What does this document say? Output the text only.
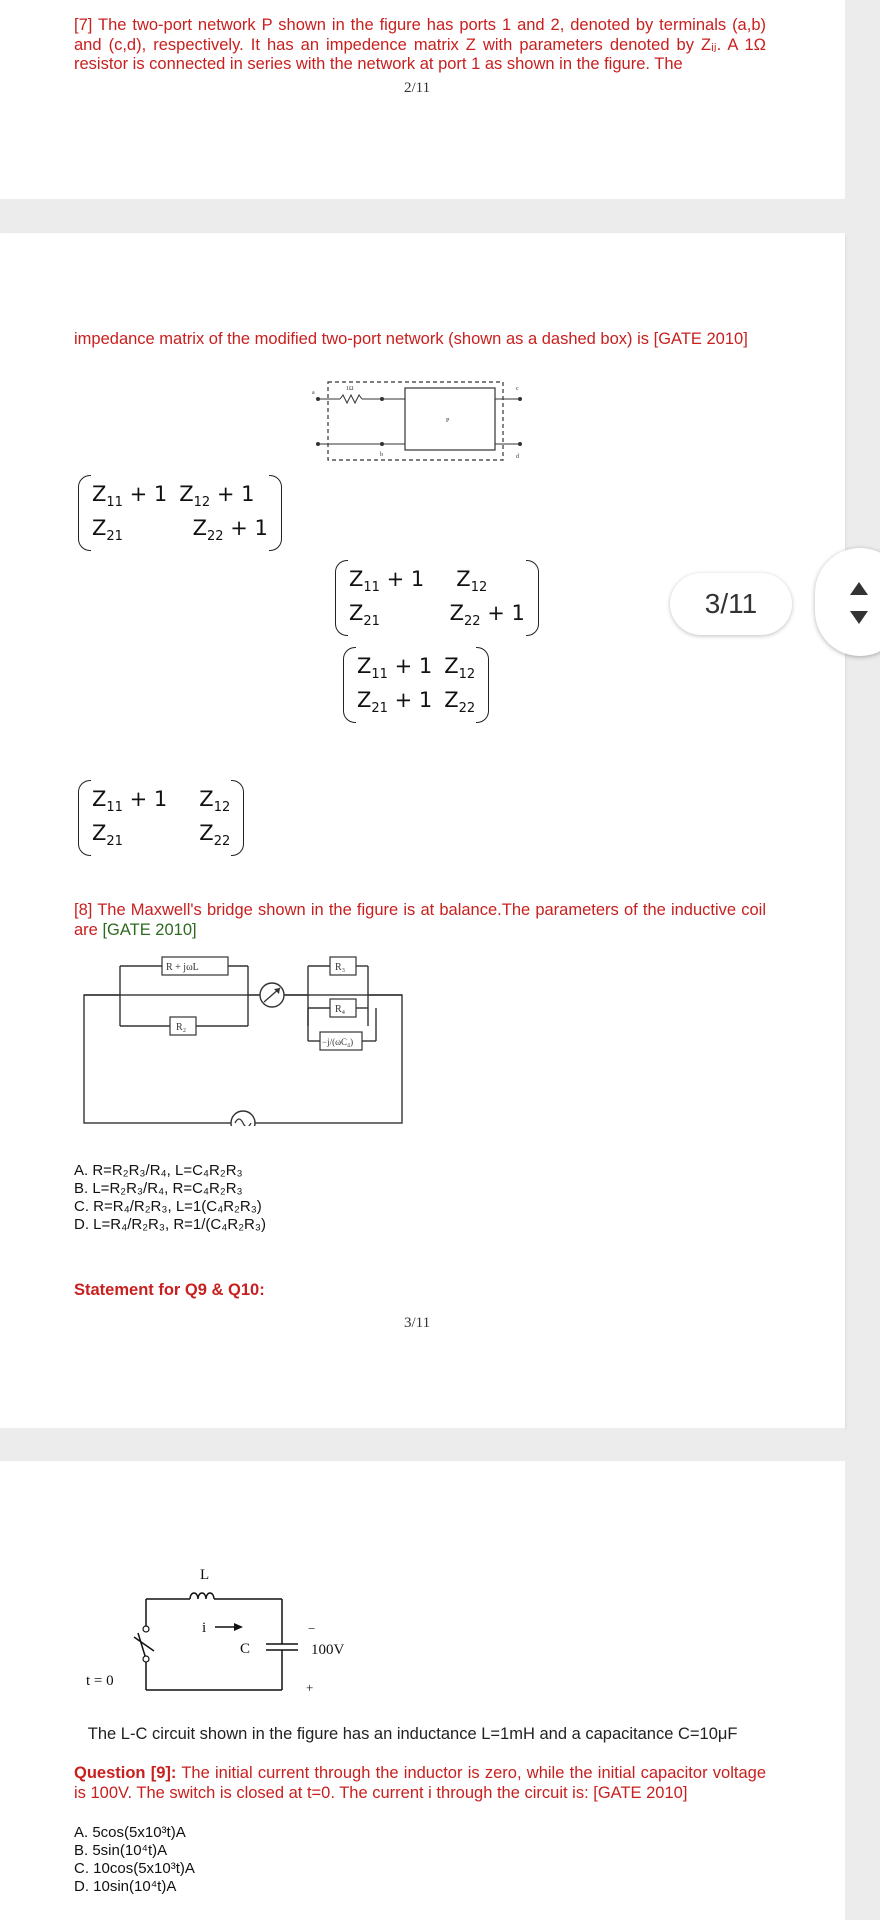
[7] The two-port network P shown in the figure has ports 1 and 2, denoted by terminals (a,b) and (c,d), respectively. It has an impedence matrix Z with parameters denoted by Zᵢⱼ. A 1Ω resistor is connected in series with the network at port 1 as shown in the figure. The

2/11

impedance matrix of the modified two-port network (shown as a dashed box) is [GATE 2010]

1Ω
a
b
c
d
P
$Z_{11} + 1$	$Z_{12} + 1$
$Z_{21}$	$Z_{22} + 1$
$Z_{11} + 1$	$Z_{12}$
$Z_{21}$	$Z_{22} + 1$
$Z_{11} + 1$	$Z_{12}$
$Z_{21} + 1$	$Z_{22}$
$Z_{11} + 1$	$Z_{12}$
$Z_{21}$	$Z_{22}$

[8] The Maxwell's bridge shown in the figure is at balance.The parameters of the inductive coil are [GATE 2010]

R + jωL
R₂
R₃
R₄
−j/(ωC₄)
A. R=R₂R₃/R₄, L=C₄R₂R₃
B. L=R₂R₃/R₄, R=C₄R₂R₃
C. R=R₄/R₂R₃, L=1(C₄R₂R₃)
D. L=R₄/R₂R₃, R=1/(C₄R₂R₃)
Statement for Q9 & Q10:
3/11
L
i
C	100V
−
+
t = 0

The L-C circuit shown in the figure has an inductance L=1mH and a capacitance C=10μF

Question [9]: The initial current through the inductor is zero, while the initial capacitor voltage is 100V. The switch is closed at t=0. The current i through the circuit is: [GATE 2010]

A. 5cos(5x10³t)A
B. 5sin(10⁴t)A
C. 10cos(5x10³t)A
D. 10sin(10⁴t)A
3/11
